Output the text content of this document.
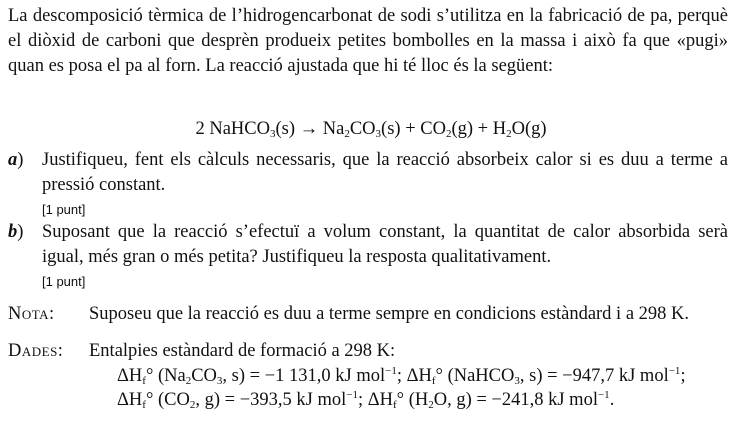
La descomposició tèrmica de l’hidrogencarbonat de sodi s’utilitza en la fabricació de pa, perquè el diòxid de carboni que desprèn produeix petites bombolles en la massa i això fa que «pugi» quan es posa el pa al forn. La reacció ajustada que hi té lloc és la següent:
2 NaHCO$_3$(s) → $Na_2CO_3(s) + CO_2(g) + H_2O(g)$
a) Justifiqueu, fent els càlculs necessaris, que la reacció absorbeix calor si es duu a terme a pressió constant.
[1 punt]
b) Suposant que la reacció s’efectuï a volum constant, la quantitat de calor absorbida serà igual, més gran o més petita? Justifiqueu la resposta qualitativament.
[1 punt]
Nota: Suposeu que la reacció es duu a terme sempre en condicions estàndard i a 298 K.
Dades: Entalpies estàndard de formació a 298 K:
$\Delta H_f^\circ$ ($Na_2CO_3$, s) = −1 131,0 kJ mol$^{-1}$; $\Delta H_f^\circ$ (NaHCO$_3$, s) = −947,7 kJ mol$^{-1}$;
$\Delta H_f^\circ$ ($CO_2$, g) = −393,5 kJ mol$^{-1}$; $\Delta H_f^\circ$ ($H_2O$, g) = −241,8 kJ mol$^{-1}$.
